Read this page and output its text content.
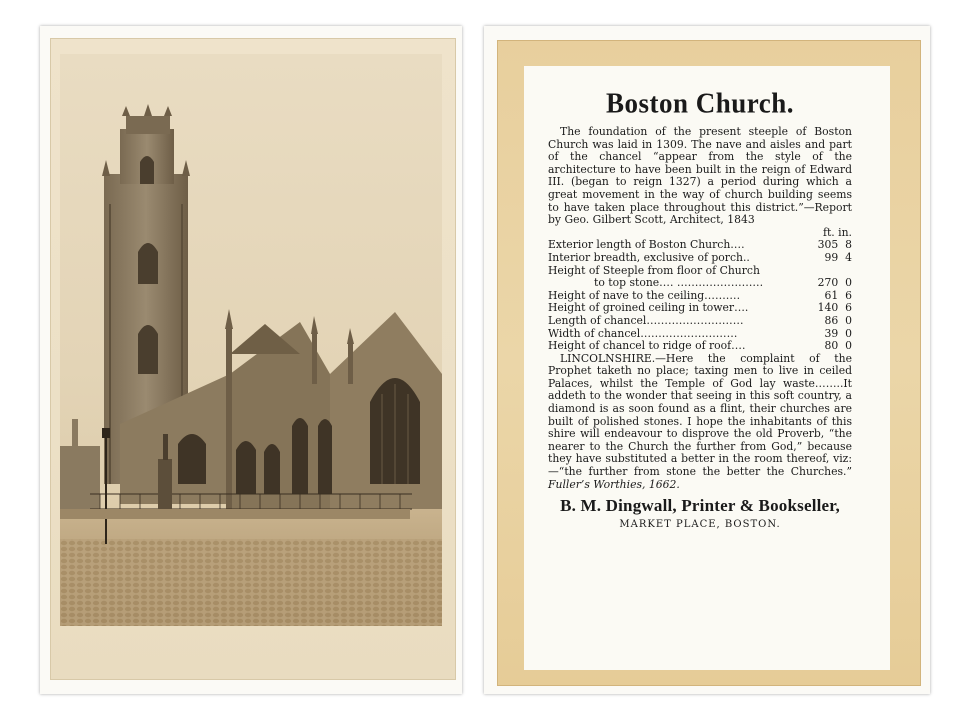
Boston Church.
The foundation of the present steeple of Boston Church was laid in 1309. The nave and aisles and part of the chancel “appear from the style of the architecture to have been built in the reign of Edward III. (began to reign 1327) a period during which a great movement in the way of church building seems to have taken place throughout this district.”—Report by Geo. Gilbert Scott, Architect, 1843
ft. in.
Exterior length of Boston Church….	305 8
Interior breadth, exclusive of porch..	99 4
Height of Steeple from floor of Church
to top stone…. ……………………	270 0
Height of nave to the ceiling……….	61 6
Height of groined ceiling in tower….	140 6
Length of chancel………………………	86 0
Width of chancel………………………	39 0
Height of chancel to ridge of roof….	80 0
LINCOLNSHIRE.—Here the complaint of the Prophet taketh no place; taxing men to live in ceiled Palaces, whilst the Temple of God lay waste……..It addeth to the wonder that seeing in this soft country, a diamond is as soon found as a flint, their churches are built of polished stones. I hope the inhabitants of this shire will endeavour to disprove the old Proverb, “the nearer to the Church the further from God,” because they have substituted a better in the room thereof, viz:—“the further from stone the better the Churches.” Fuller’s Worthies, 1662.
B. M. Dingwall, Printer & Bookseller,
MARKET PLACE, BOSTON.
